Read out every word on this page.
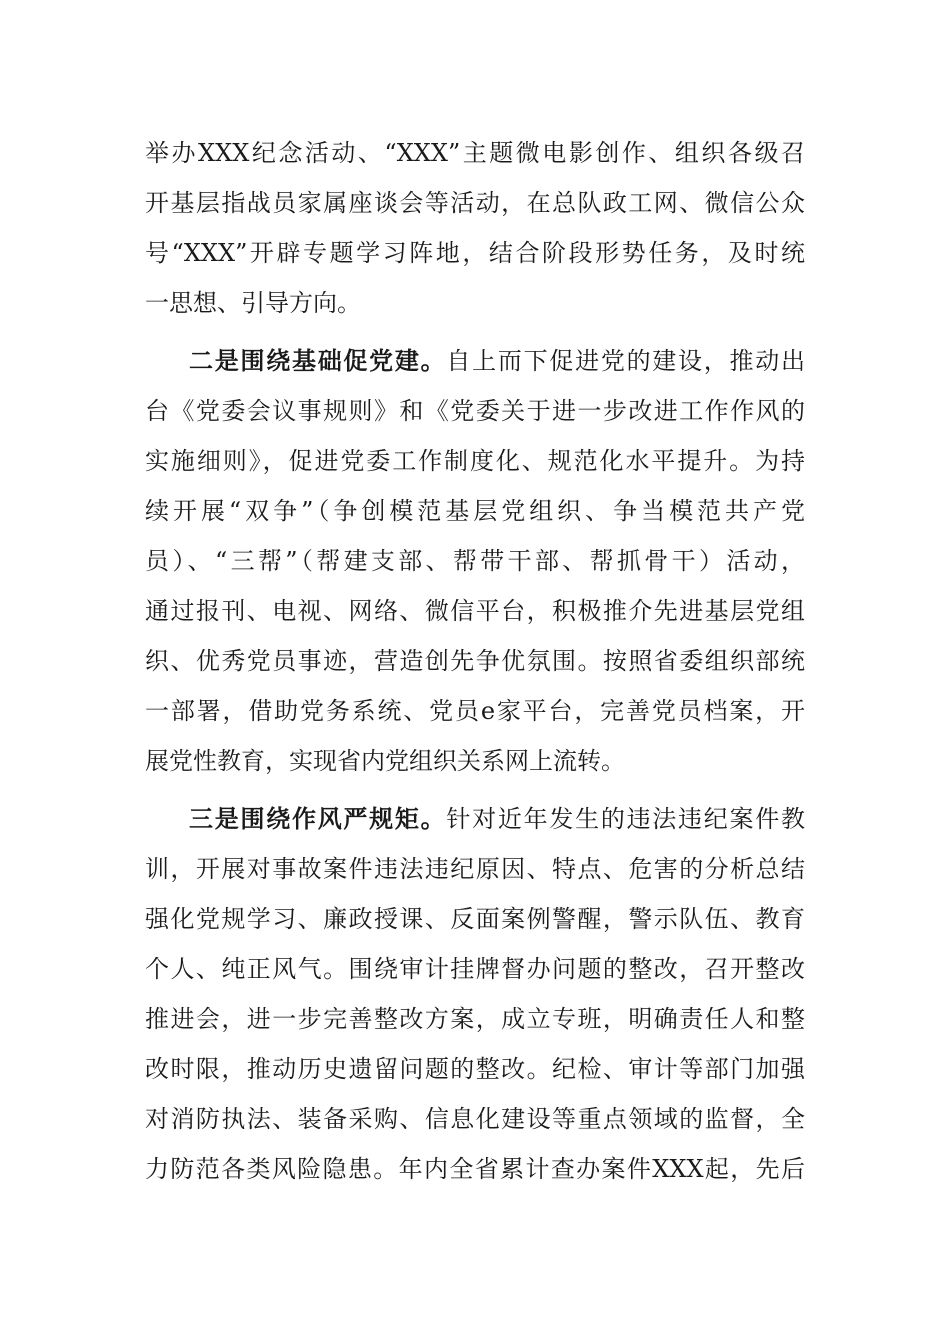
举办XXX纪念活动、“XXX”主题微电影创作、组织各级召
开基层指战员家属座谈会等活动，在总队政工网、微信公众
号“XXX”开辟专题学习阵地，结合阶段形势任务，及时统
一思想、引导方向。
二是围绕基础促党建。自上而下促进党的建设，推动出
台《党委会议事规则》和《党委关于进一步改进工作作风的
实施细则》，促进党委工作制度化、规范化水平提升。为持
续开展“双争”（争创模范基层党组织、争当模范共产党
员）、“三帮”（帮建支部、帮带干部、帮抓骨干）活动，
通过报刊、电视、网络、微信平台，积极推介先进基层党组
织、优秀党员事迹，营造创先争优氛围。按照省委组织部统
一部署，借助党务系统、党员e家平台，完善党员档案，开
展党性教育，实现省内党组织关系网上流转。
三是围绕作风严规矩。针对近年发生的违法违纪案件教
训，开展对事故案件违法违纪原因、特点、危害的分析总结
强化党规学习、廉政授课、反面案例警醒，警示队伍、教育
个人、纯正风气。围绕审计挂牌督办问题的整改，召开整改
推进会，进一步完善整改方案，成立专班，明确责任人和整
改时限，推动历史遗留问题的整改。纪检、审计等部门加强
对消防执法、装备采购、信息化建设等重点领域的监督，全
力防范各类风险隐患。年内全省累计查办案件XXX起，先后
